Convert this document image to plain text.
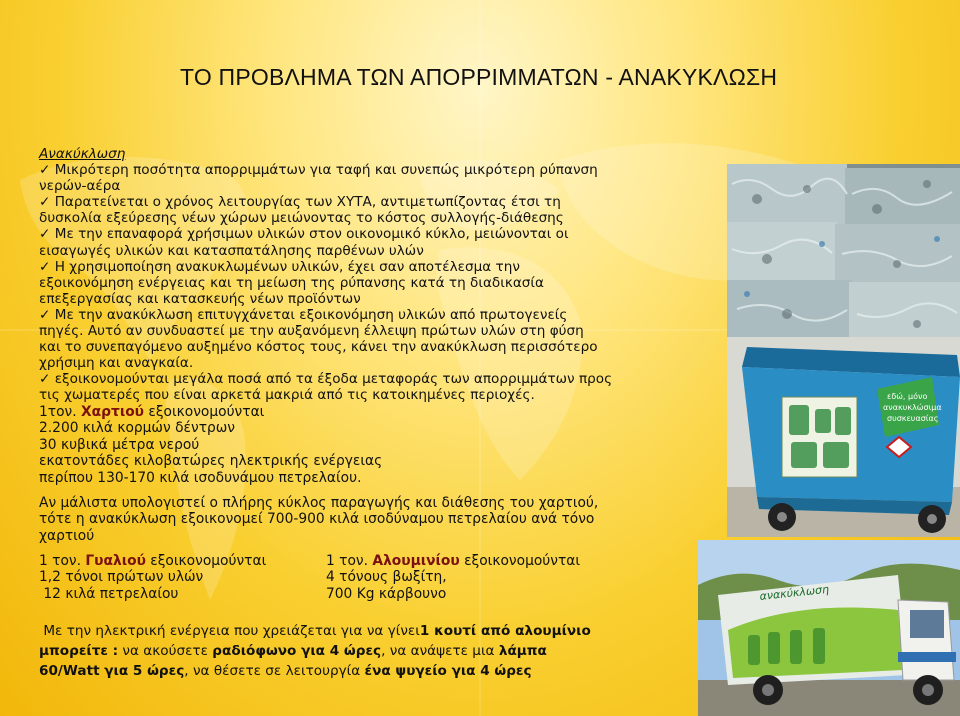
ΤΟ ΠΡΟΒΛΗΜΑ ΤΩΝ ΑΠΟΡΡΙΜΜΑΤΩΝ - ΑΝΑΚΥΚΛΩΣΗ
εδώ, μόνο
ανακυκλώσιμα
συσκευασίας
ανακύκλωση
Ανακύκλωση
✓ Μικρότερη ποσότητα απορριμμάτων για ταφή και συνεπώς μικρότερη ρύπανση
νερών-αέρα
✓ Παρατείνεται ο χρόνος λειτουργίας των ΧΥΤΑ, αντιμετωπίζοντας έτσι τη
δυσκολία εξεύρεσης νέων χώρων μειώνοντας το κόστος συλλογής-διάθεσης
✓ Με την επαναφορά χρήσιμων υλικών στον οικονομικό κύκλο, μειώνονται οι
εισαγωγές υλικών και κατασπατάλησης παρθένων υλών
✓ Η χρησιμοποίηση ανακυκλωμένων υλικών, έχει σαν αποτέλεσμα την
εξοικονόμηση ενέργειας και τη μείωση της ρύπανσης κατά τη διαδικασία
επεξεργασίας και κατασκευής νέων προϊόντων
✓ Με την ανακύκλωση επιτυγχάνεται εξοικονόμηση υλικών από πρωτογενείς
πηγές. Αυτό αν συνδυαστεί με την αυξανόμενη έλλειψη πρώτων υλών στη φύση
και το συνεπαγόμενο αυξημένο κόστος τους, κάνει την ανακύκλωση περισσότερο
χρήσιμη και αναγκαία.
✓ εξοικονομούνται μεγάλα ποσά από τα έξοδα μεταφοράς των απορριμμάτων προς
τις χωματερές που είναι αρκετά μακριά από τις κατοικημένες περιοχές.
1τον. Χαρτιού εξοικονομούνται
2.200 κιλά κορμών δέντρων
30 κυβικά μέτρα νερού
εκατοντάδες κιλοβατώρες ηλεκτρικής ενέργειας
περίπου 130-170 κιλά ισοδυνάμου πετρελαίου.
Αν μάλιστα υπολογιστεί ο πλήρης κύκλος παραγωγής και διάθεσης του χαρτιού,
τότε η ανακύκλωση εξοικονομεί 700-900 κιλά ισοδύναμου πετρελαίου ανά τόνο
χαρτιού
1 τον. Γυαλιού εξοικονομούνται
1,2 τόνοι πρώτων υλών
12 κιλά πετρελαίου
1 τον. Αλουμινίου εξοικονομούνται
4 τόνους βωξίτη,
700 Kg κάρβουνο
Με την ηλεκτρική ενέργεια που χρειάζεται για να γίνει1 κουτί από αλουμίνιο
μπορείτε : να ακούσετε ραδιόφωνο για 4 ώρες, να ανάψετε μια λάμπα
60/Watt για 5 ώρες, να θέσετε σε λειτουργία ένα ψυγείο για 4 ώρες
